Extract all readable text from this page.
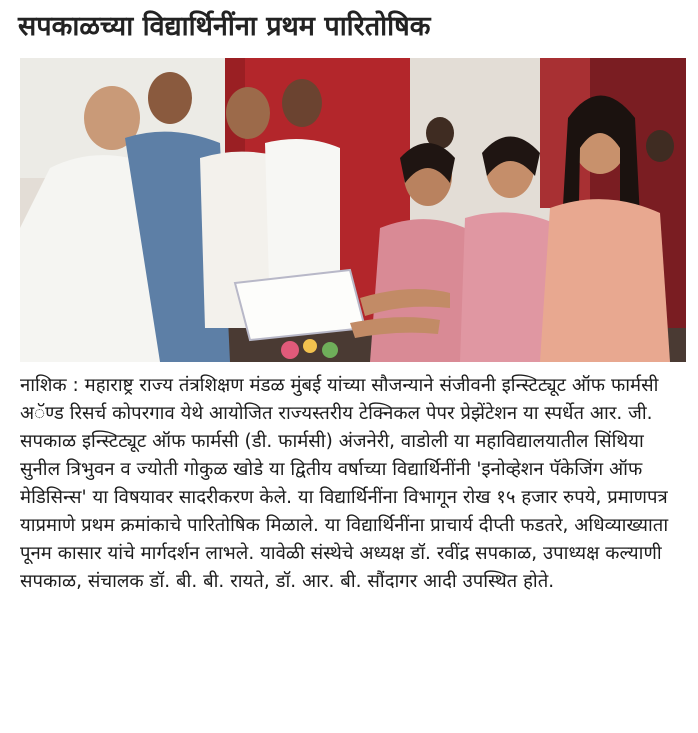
सपकाळच्या विद्यार्थिनींना प्रथम पारितोषिक
नाशिक : महाराष्ट्र राज्य तंत्रशिक्षण मंडळ मुंबई यांच्या सौजन्याने संजीवनी इन्स्टिट्यूट ऑफ फार्मसी अॅण्ड रिसर्च कोपरगाव येथे आयोजित राज्यस्तरीय टेक्निकल पेपर प्रेझेंटेशन या स्पर्धेत आर. जी. सपकाळ इन्स्टिट्यूट ऑफ फार्मसी (डी. फार्मसी) अंजनेरी, वाडोली या महाविद्यालयातील सिंथिया सुनील त्रिभुवन व ज्योती गोकुळ खोडे या द्वितीय वर्षाच्या विद्यार्थिनींनी 'इनोव्हेशन पॅकेजिंग ऑफ मेडिसिन्स' या विषयावर सादरीकरण केले. या विद्यार्थिनींना विभागून रोख १५ हजार रुपये, प्रमाणपत्र याप्रमाणे प्रथम क्रमांकाचे पारितोषिक मिळाले. या विद्यार्थिनींना प्राचार्य दीप्ती फडतरे, अधिव्याख्याता पूनम कासार यांचे मार्गदर्शन लाभले. यावेळी संस्थेचे अध्यक्ष डॉ. रवींद्र सपकाळ, उपाध्यक्ष कल्याणी सपकाळ, संचालक डॉ. बी. बी. रायते, डॉ. आर. बी. सौंदागर आदी उपस्थित होते.
